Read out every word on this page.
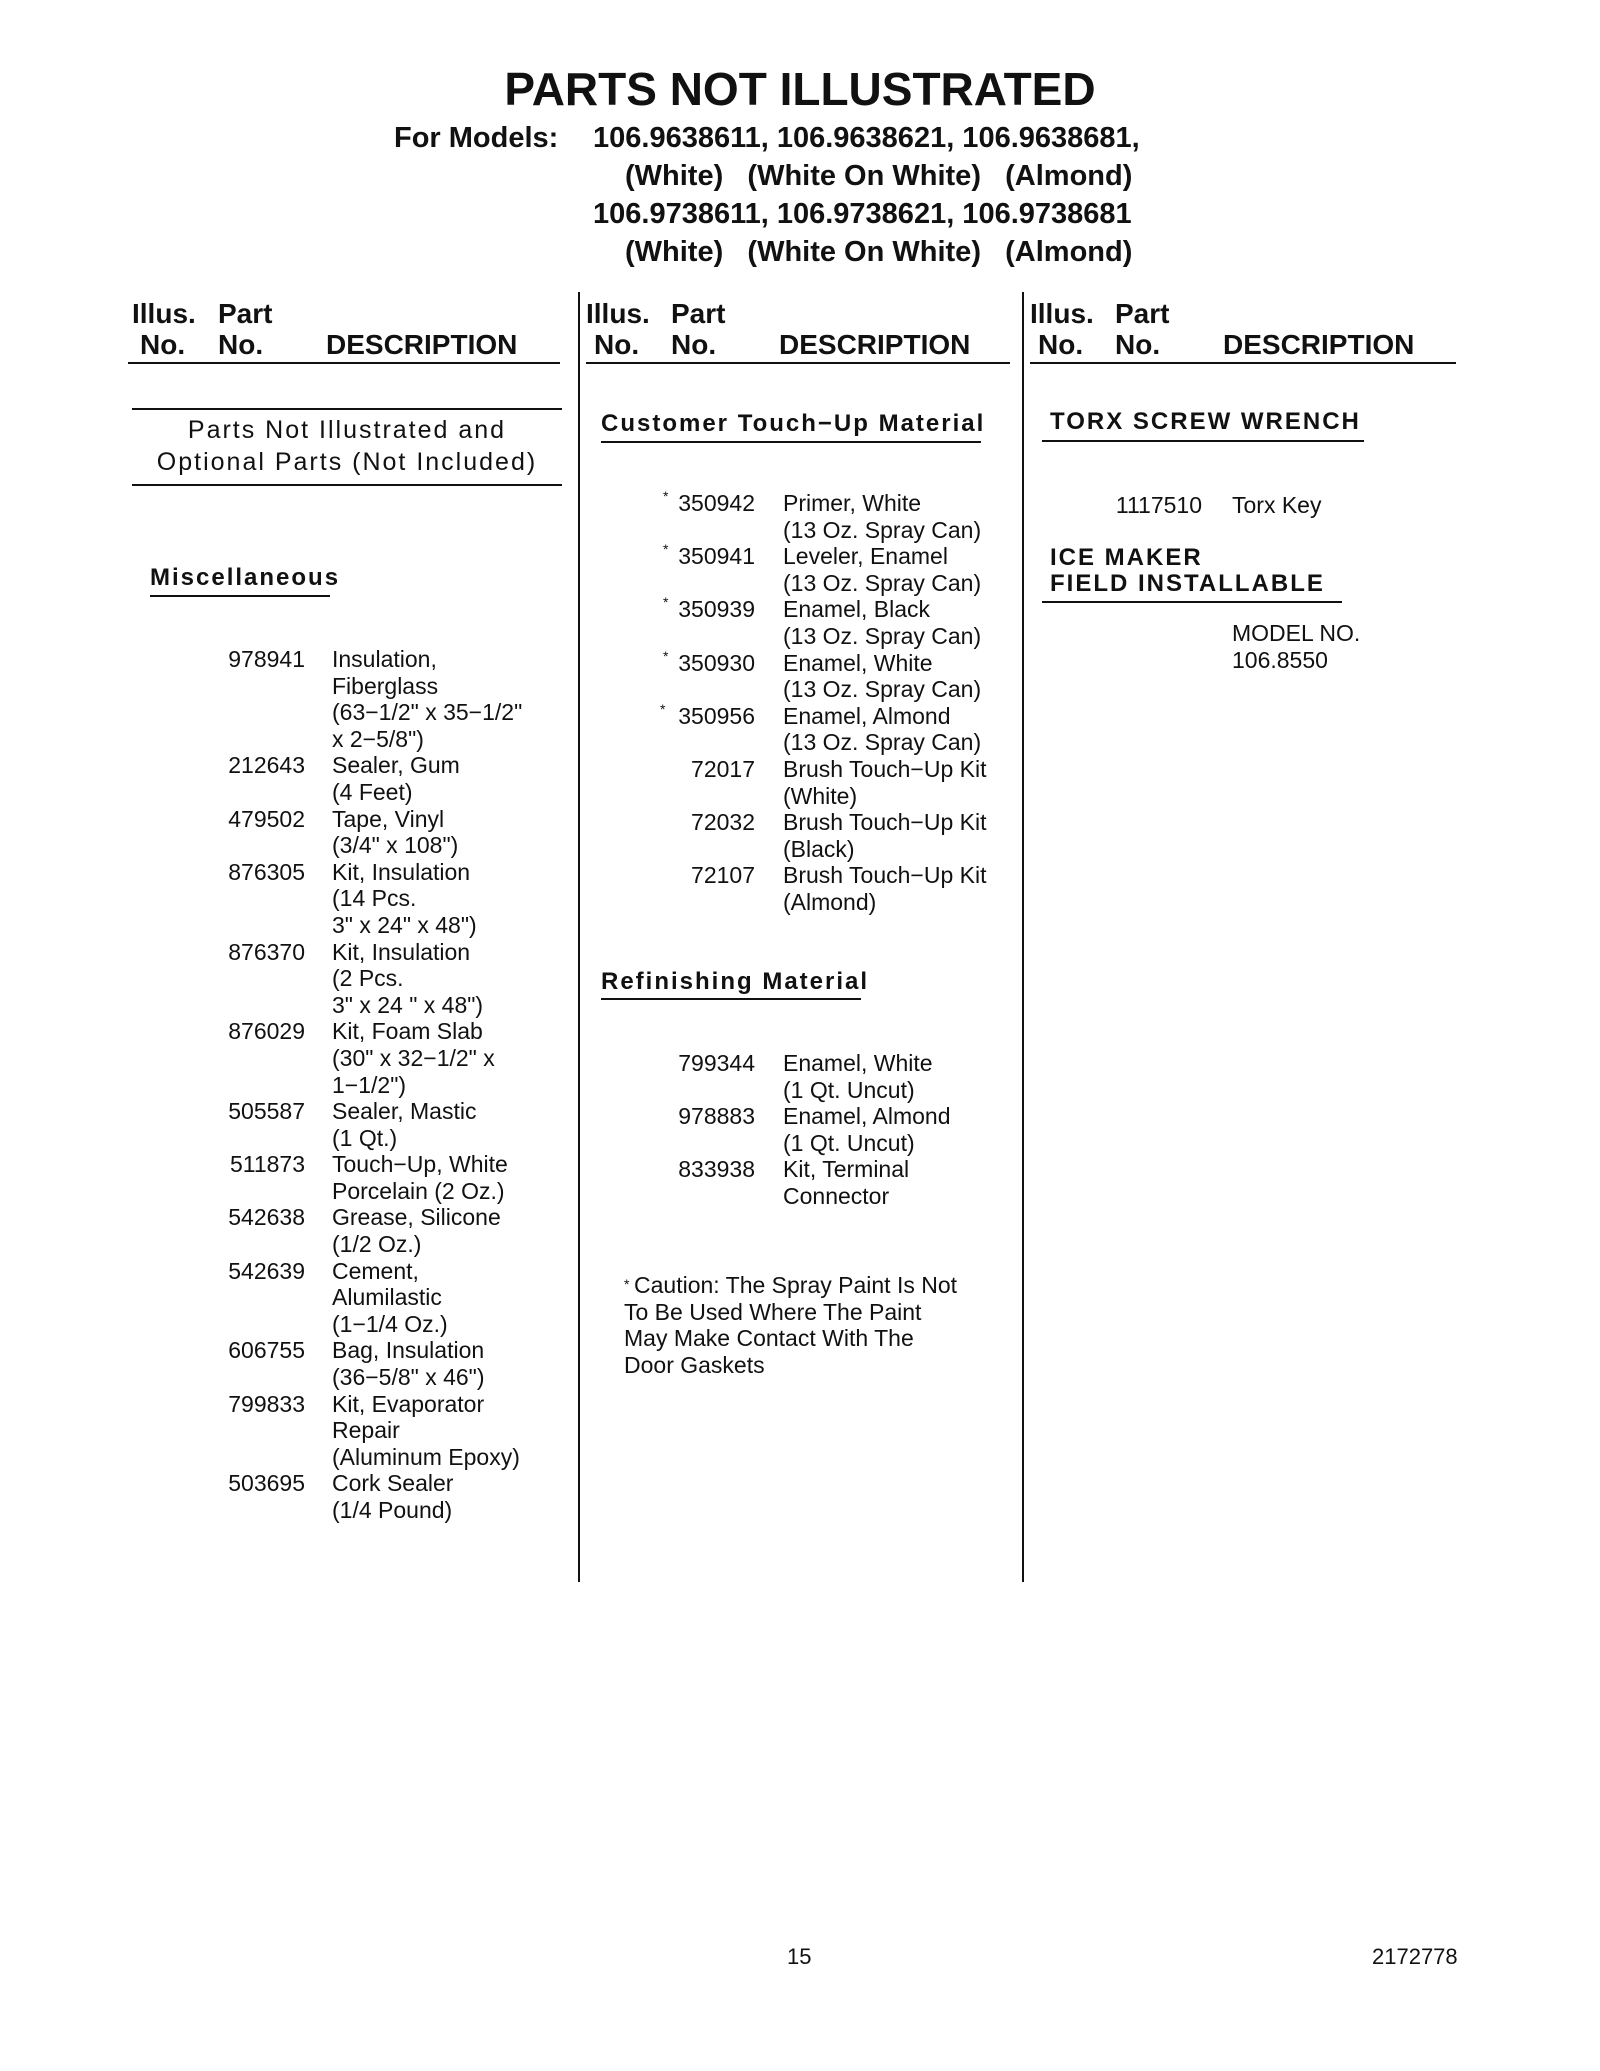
PARTS NOT ILLUSTRATED
For Models: 106.9638611, 106.9638621, 106.9638681,
(White)   (White On White)   (Almond)
106.9738611, 106.9738621, 106.9738681
(White)   (White On White)   (Almond)
Illus. Part
No. No. DESCRIPTION
Illus. Part
No. No. DESCRIPTION
Illus. Part
No. No. DESCRIPTION
Parts Not Illustrated and
Optional Parts (Not Included)
Miscellaneous
978941

212643

479502

876305

876370

876029

505587

511873

542638

542639

606755

799833

503695
Insulation,
Fiberglass
(63−1/2" x 35−1/2"
x 2−5/8")
Sealer, Gum
(4 Feet)
Tape, Vinyl
(3/4" x 108")
Kit, Insulation
(14 Pcs.
3" x 24" x 48")
Kit, Insulation
(2 Pcs.
3" x 24 " x 48")
Kit, Foam Slab
(30" x 32−1/2" x
1−1/2")
Sealer, Mastic
(1 Qt.)
Touch−Up, White
Porcelain (2 Oz.)
Grease, Silicone
(1/2 Oz.)
Cement,
Alumilastic
(1−1/4 Oz.)
Bag, Insulation
(36−5/8" x 46")
Kit, Evaporator
Repair
(Aluminum Epoxy)
Cork Sealer
(1/4 Pound)
Customer Touch−Up Material
* 350942 Primer, White
(13 Oz. Spray Can)
* 350941 Leveler, Enamel
(13 Oz. Spray Can)
* 350939 Enamel, Black
(13 Oz. Spray Can)
* 350930 Enamel, White
(13 Oz. Spray Can)
* 350956 Enamel, Almond
(13 Oz. Spray Can)
72017 Brush Touch−Up Kit
(White)
72032 Brush Touch−Up Kit
(Black)
72107 Brush Touch−Up Kit
(Almond)
Refinishing Material
799344

978883

833938
Enamel, White
(1 Qt. Uncut)
Enamel, Almond
(1 Qt. Uncut)
Kit, Terminal
Connector
* Caution: The Spray Paint Is Not
To Be Used Where The Paint
May Make Contact With The
Door Gaskets
TORX SCREW WRENCH
1117510 Torx Key
ICE MAKER
FIELD INSTALLABLE
MODEL NO.
106.8550
15	2172778
